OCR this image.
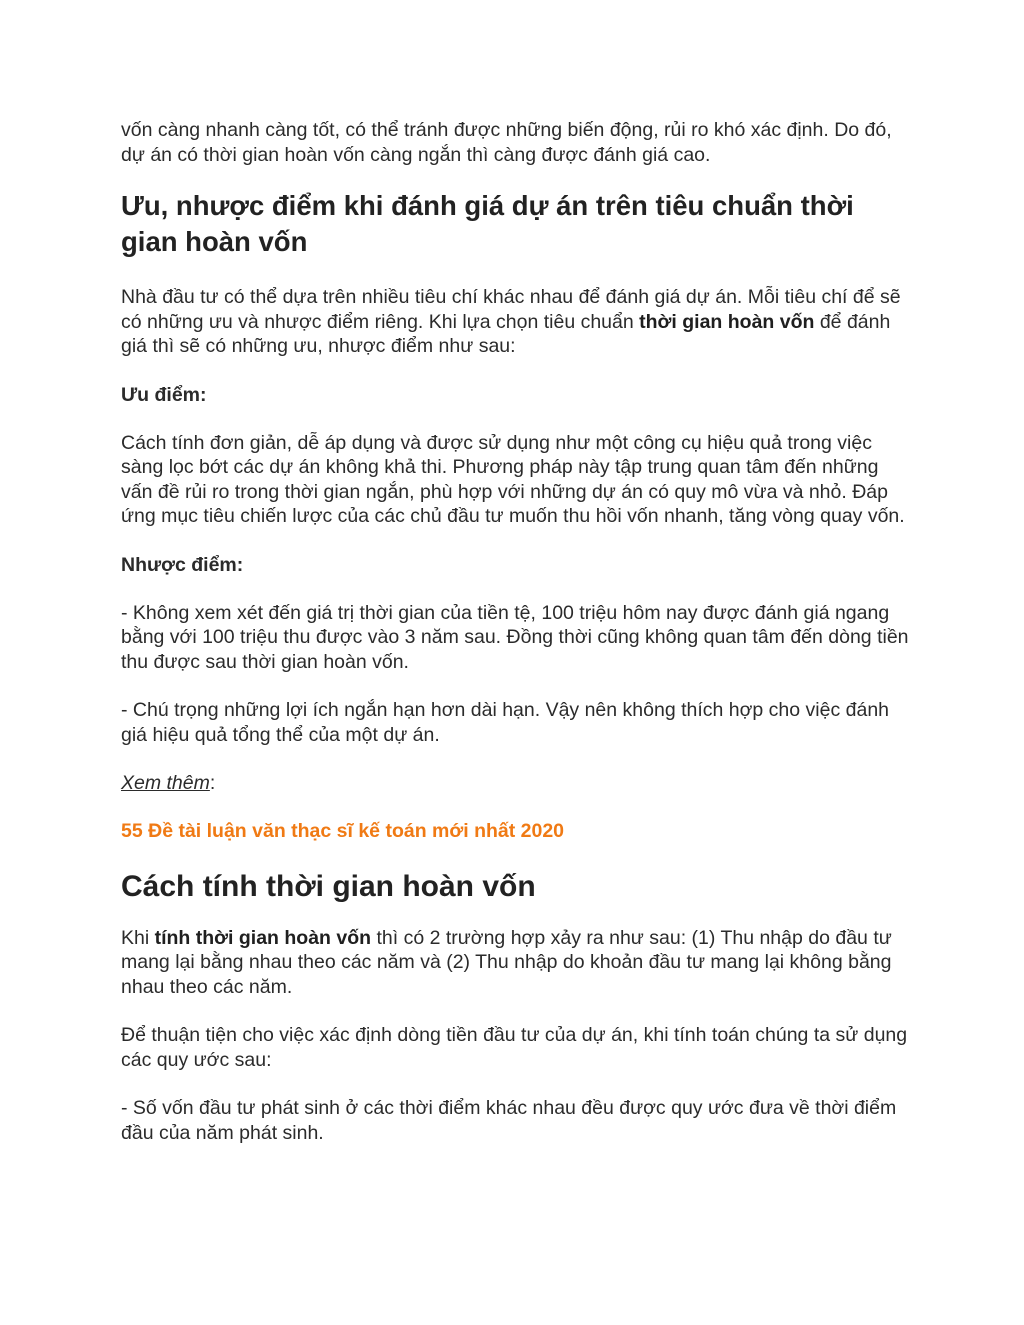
vốn càng nhanh càng tốt, có thể tránh được những biến động, rủi ro khó xác định. Do đó, dự án có thời gian hoàn vốn càng ngắn thì càng được đánh giá cao.

Ưu, nhược điểm khi đánh giá dự án trên tiêu chuẩn thời gian hoàn vốn

Nhà đầu tư có thể dựa trên nhiều tiêu chí khác nhau để đánh giá dự án. Mỗi tiêu chí để sẽ có những ưu và nhược điểm riêng. Khi lựa chọn tiêu chuẩn thời gian hoàn vốn để đánh giá thì sẽ có những ưu, nhược điểm như sau:

Ưu điểm:

Cách tính đơn giản, dễ áp dụng và được sử dụng như một công cụ hiệu quả trong việc sàng lọc bớt các dự án không khả thi. Phương pháp này tập trung quan tâm đến những vấn đề rủi ro trong thời gian ngắn, phù hợp với những dự án có quy mô vừa và nhỏ. Đáp ứng mục tiêu chiến lược của các chủ đầu tư muốn thu hồi vốn nhanh, tăng vòng quay vốn.

Nhược điểm:

- Không xem xét đến giá trị thời gian của tiền tệ, 100 triệu hôm nay được đánh giá ngang bằng với 100 triệu thu được vào 3 năm sau. Đồng thời cũng không quan tâm đến dòng tiền thu được sau thời gian hoàn vốn.

- Chú trọng những lợi ích ngắn hạn hơn dài hạn. Vậy nên không thích hợp cho việc đánh giá hiệu quả tổng thể của một dự án.

Xem thêm:

55 Đề tài luận văn thạc sĩ kế toán mới nhất 2020

Cách tính thời gian hoàn vốn

Khi tính thời gian hoàn vốn thì có 2 trường hợp xảy ra như sau: (1) Thu nhập do đầu tư mang lại bằng nhau theo các năm và (2) Thu nhập do khoản đầu tư mang lại không bằng nhau theo các năm.

Để thuận tiện cho việc xác định dòng tiền đầu tư của dự án, khi tính toán chúng ta sử dụng các quy ước sau:

- Số vốn đầu tư phát sinh ở các thời điểm khác nhau đều được quy ước đưa về thời điểm đầu của năm phát sinh.
